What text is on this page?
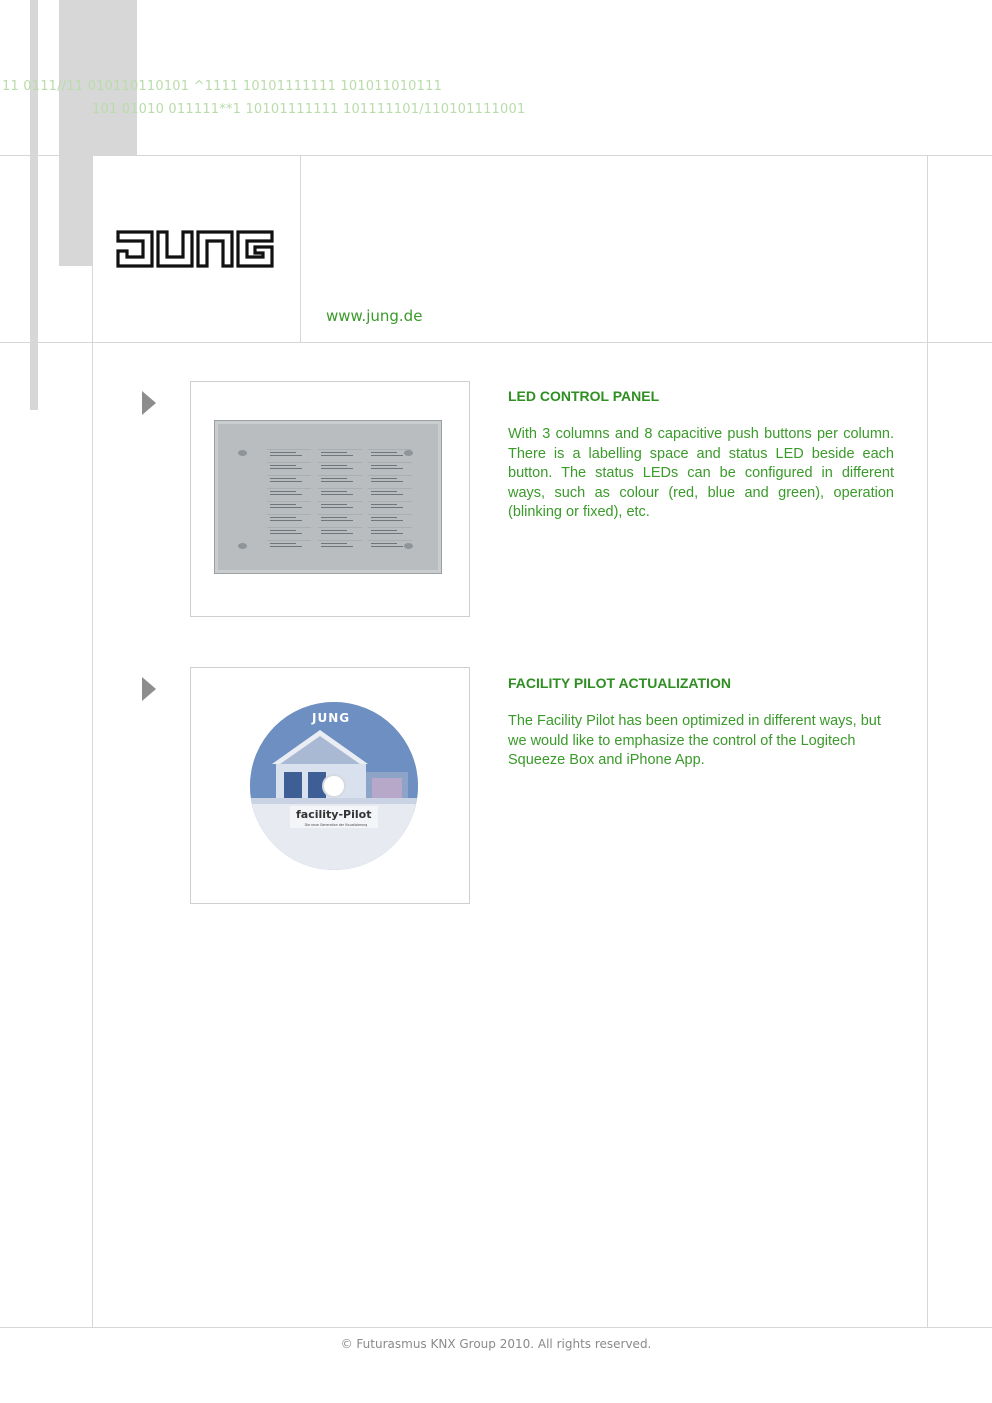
11 0111//11 010110110101 ^1111 10101111111 101011010111
101 01010 011111**1 10101111111 101111101/110101111001
www.jung.de
LED CONTROL PANEL
With 3 columns and 8 capacitive push buttons per column. There is a labelling space and status LED beside each button. The status LEDs can be configured in different ways, such as colour (red, blue and green), operation (blinking or fixed), etc.
JUNG
facility-Pilot
Die neue Generation der Visualisierung
FACILITY PILOT ACTUALIZATION
The Facility Pilot has been optimized in different ways, but we would like to emphasize the control of the Logitech Squeeze Box and iPhone App.
© Futurasmus KNX Group 2010. All rights reserved.
